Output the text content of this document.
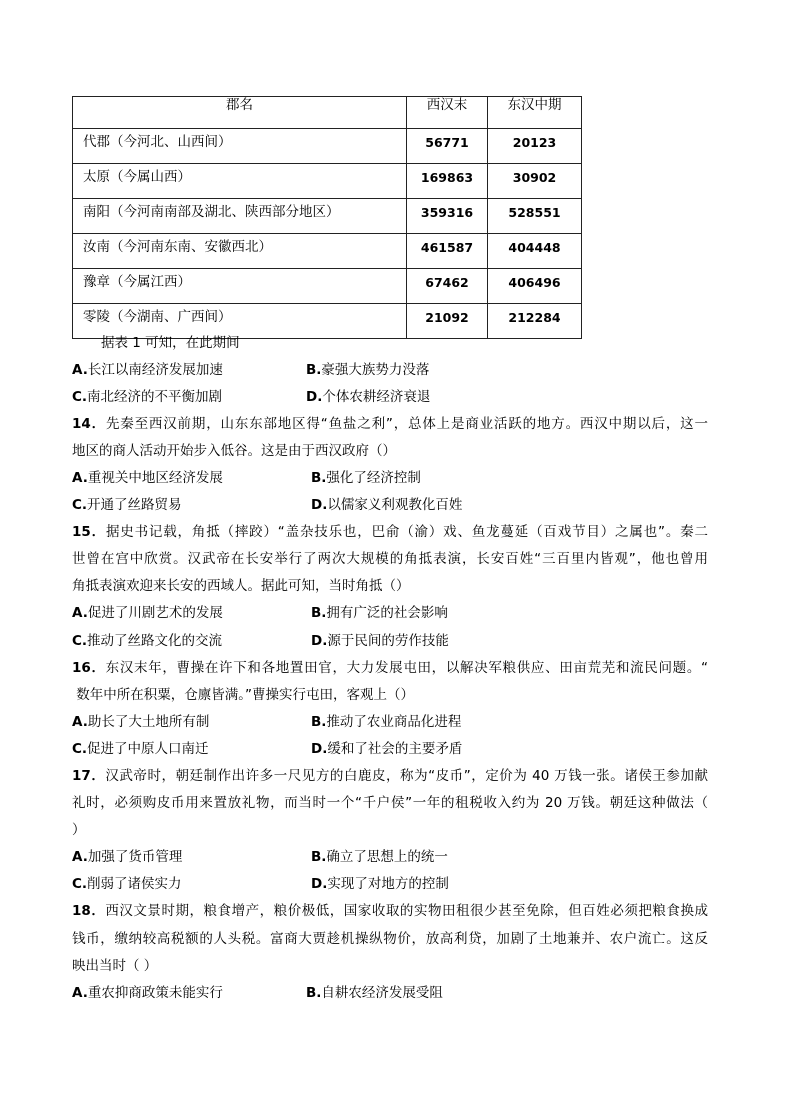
郡名	西汉末	东汉中期
代郡（今河北、山西间）	56771	20123
太原（今属山西）	169863	30902
南阳（今河南南部及湖北、陕西部分地区）	359316	528551
汝南（今河南东南、安徽西北）	461587	404448
豫章（今属江西）	67462	406496
零陵（今湖南、广西间）	21092	212284
据表 1 可知，在此期间

A.长江以南经济发展加速

	B.豪强大族势力没落

C.南北经济的不平衡加剧

	D.个体农耕经济衰退

14．先秦至西汉前期，山东东部地区得“鱼盐之利”，总体上是商业活跃的地方。西汉中期以后，这一
地区的商人活动开始步入低谷。这是由于西汉政府（）

A.重视关中地区经济发展

	B.强化了经济控制

C.开通了丝路贸易

	D.以儒家义利观教化百姓

15．据史书记载，角抵（摔跤）“盖杂技乐也，巴俞（渝）戏、鱼龙蔓延（百戏节目）之属也”。秦二
世曾在宫中欣赏。汉武帝在长安举行了两次大规模的角抵表演，长安百姓“三百里内皆观”，他也曾用
角抵表演欢迎来长安的西域人。据此可知，当时角抵（）

A.促进了川剧艺术的发展

	B.拥有广泛的社会影响

C.推动了丝路文化的交流

	D.源于民间的劳作技能

16．东汉末年，曹操在许下和各地置田官，大力发展屯田，以解决军粮供应、田亩荒芜和流民问题。“
数年中所在积粟，仓廪皆满。”曹操实行屯田，客观上（）

A.助长了大土地所有制

	B.推动了农业商品化进程

C.促进了中原人口南迁

	D.缓和了社会的主要矛盾

17．汉武帝时，朝廷制作出许多一尺见方的白鹿皮，称为“皮币”，定价为 40 万钱一张。诸侯王参加献
礼时，必须购皮币用来置放礼物，而当时一个“千户侯”一年的租税收入约为 20 万钱。朝廷这种做法（
）

A.加强了货币管理

	B.确立了思想上的统一

C.削弱了诸侯实力

	D.实现了对地方的控制

18．西汉文景时期，粮食增产，粮价极低，国家收取的实物田租很少甚至免除，但百姓必须把粮食换成
钱币，缴纳较高税额的人头税。富商大贾趁机操纵物价，放高利贷，加剧了土地兼并、农户流亡。这反
映出当时（ ）

A.重农抑商政策未能实行

	B.自耕农经济发展受阻
